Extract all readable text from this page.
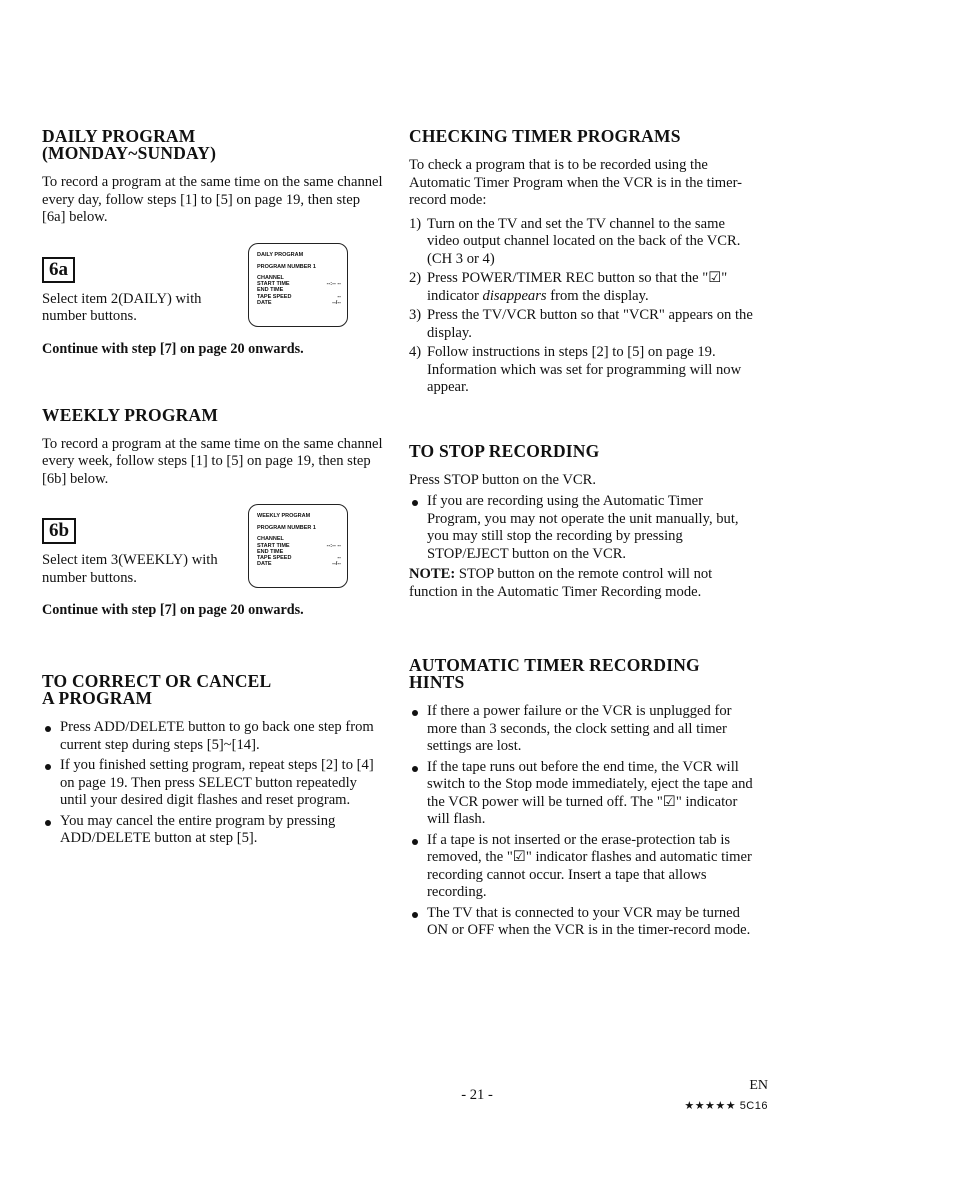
DAILY PROGRAM
(MONDAY~SUNDAY)

To record a program at the same time on the same channel every day, follow steps [1] to [5] on page 19, then step [6a] below.

6a

Select item 2(DAILY) with number buttons.

DAILY PROGRAM
PROGRAM NUMBER 1
CHANNEL
START TIME	--:-- --
END TIME
TAPE SPEED	--
DATE	--/--

Continue with step [7] on page 20 onwards.

WEEKLY PROGRAM

To record a program at the same time on the same channel every week, follow steps [1] to [5] on page 19, then step [6b] below.

6b

Select item 3(WEEKLY) with number buttons.

WEEKLY PROGRAM
PROGRAM NUMBER 1
CHANNEL
START TIME	--:-- --
END TIME
TAPE SPEED	--
DATE	--/--

Continue with step [7] on page 20 onwards.

TO CORRECT OR CANCEL
A PROGRAM
Press ADD/DELETE button to go back one step from current step during steps [5]~[14].
If you finished setting program, repeat steps [2] to [4] on page 19. Then press SELECT button repeatedly until your desired digit flashes and reset program.
You may cancel the entire program by pressing ADD/DELETE button at step [5].
CHECKING TIMER PROGRAMS

To check a program that is to be recorded using the Automatic Timer Program when the VCR is in the timer-record mode:

1) Turn on the TV and set the TV channel to the same video output channel located on the back of the VCR. (CH 3 or 4)
2) Press POWER/TIMER REC button so that the "☑" indicator disappears from the display.
3) Press the TV/VCR button so that "VCR" appears on the display.
4) Follow instructions in steps [2] to [5] on page 19. Information which was set for programming will now appear.
TO STOP RECORDING

Press STOP button on the VCR.

If you are recording using the Automatic Timer Program, you may not operate the unit manually, but, you may still stop the recording by pressing STOP/EJECT button on the VCR.

NOTE: STOP button on the remote control will not function in the Automatic Timer Recording mode.

AUTOMATIC TIMER RECORDING
HINTS
If there a power failure or the VCR is unplugged for more than 3 seconds, the clock setting and all timer settings are lost.
If the tape runs out before the end time, the VCR will switch to the Stop mode immediately, eject the tape and the VCR power will be turned off. The "☑" indicator will flash.
If a tape is not inserted or the erase-protection tab is removed, the "☑" indicator flashes and automatic timer recording cannot occur. Insert a tape that allows recording.
The TV that is connected to your VCR may be turned ON or OFF when the VCR is in the timer-record mode.
- 21 -
EN
★★★★★ 5C16
